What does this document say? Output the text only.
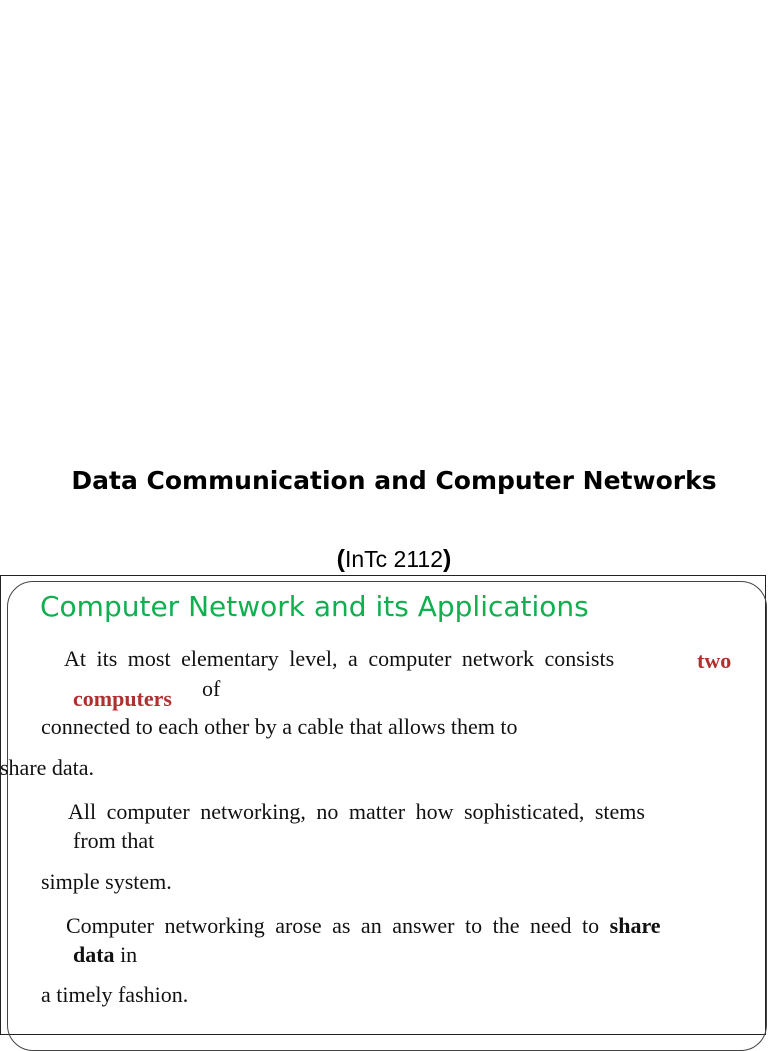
Data Communication and Computer Networks
(InTc 2112)
Computer Network and its Applications
At its most elementary level, a computer network consists	two
computers of
connected to each other by a cable that allows them to
share data.
All computer networking, no matter how sophisticated, stems
from that
simple system.
Computer networking arose as an answer to the need to share
data in
a timely fashion.
